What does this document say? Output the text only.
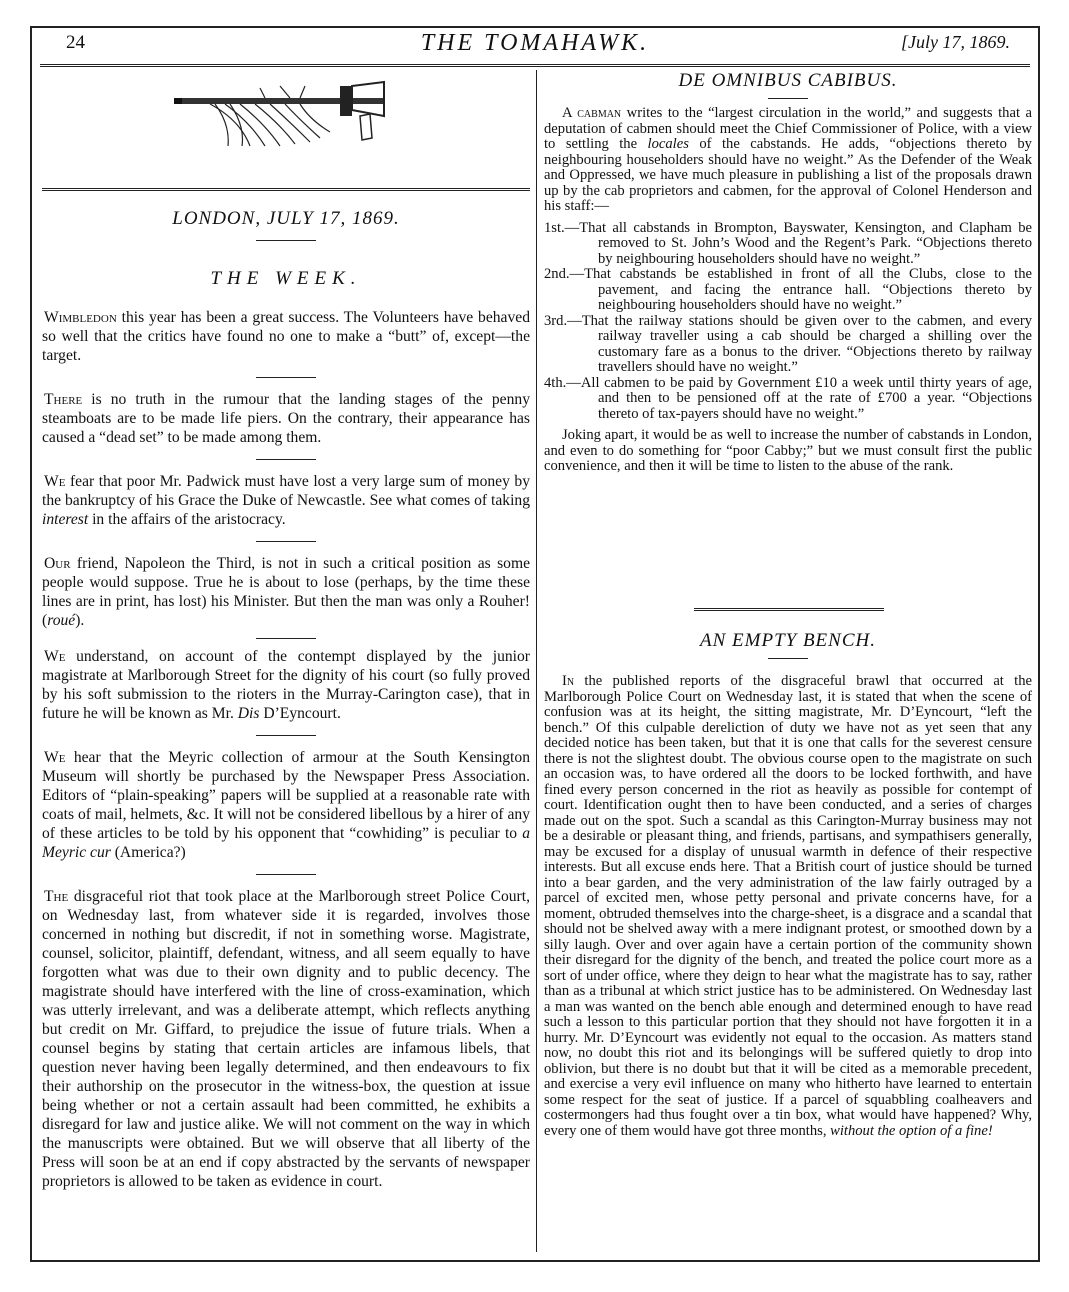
24	THE TOMAHAWK.	[July 17, 1869.
LONDON, JULY 17, 1869.
THE WEEK.

Wimbledon this year has been a great success. The Volunteers have behaved so well that the critics have found no one to make a “butt” of, except—the target.

There is no truth in the rumour that the landing stages of the penny steamboats are to be made life piers. On the contrary, their appearance has caused a “dead set” to be made among them.

We fear that poor Mr. Padwick must have lost a very large sum of money by the bankruptcy of his Grace the Duke of Newcastle. See what comes of taking interest in the affairs of the aristocracy.

Our friend, Napoleon the Third, is not in such a critical position as some people would suppose. True he is about to lose (perhaps, by the time these lines are in print, has lost) his Minister. But then the man was only a Rouher! (roué).

We understand, on account of the contempt displayed by the junior magistrate at Marlborough Street for the dignity of his court (so fully proved by his soft submission to the rioters in the Murray-Carington case), that in future he will be known as Mr. Dis D’Eyncourt.

We hear that the Meyric collection of armour at the South Kensington Museum will shortly be purchased by the Newspaper Press Association. Editors of “plain-speaking” papers will be supplied at a reasonable rate with coats of mail, helmets, &c. It will not be considered libellous by a hirer of any of these articles to be told by his opponent that “cowhiding” is peculiar to a Meyric cur (America?)

The disgraceful riot that took place at the Marlborough street Police Court, on Wednesday last, from whatever side it is regarded, involves those concerned in nothing but discredit, if not in something worse. Magistrate, counsel, solicitor, plaintiff, defendant, witness, and all seem equally to have forgotten what was due to their own dignity and to public decency. The magistrate should have interfered with the line of cross-examination, which was utterly irrelevant, and was a deliberate attempt, which reflects anything but credit on Mr. Giffard, to prejudice the issue of future trials. When a counsel begins by stating that certain articles are infamous libels, that question never having been legally determined, and then endeavours to fix their authorship on the prosecutor in the witness-box, the question at issue being whether or not a certain assault had been committed, he exhibits a disregard for law and justice alike. We will not comment on the way in which the manuscripts were obtained. But we will observe that all liberty of the Press will soon be at an end if copy abstracted by the servants of newspaper proprietors is allowed to be taken as evidence in court.

DE OMNIBUS CABIBUS.

A cabman writes to the “largest circulation in the world,” and suggests that a deputation of cabmen should meet the Chief Commissioner of Police, with a view to settling the locales of the cabstands. He adds, “objections thereto by neighbouring householders should have no weight.” As the Defender of the Weak and Oppressed, we have much pleasure in publishing a list of the proposals drawn up by the cab proprietors and cabmen, for the approval of Colonel Henderson and his staff:—

1st.—That all cabstands in Brompton, Bayswater, Kensington, and Clapham be removed to St. John’s Wood and the Regent’s Park. “Objections thereto by neighbouring householders should have no weight.”

2nd.—That cabstands be established in front of all the Clubs, close to the pavement, and facing the entrance hall. “Objections thereto by neighbouring householders should have no weight.”

3rd.—That the railway stations should be given over to the cabmen, and every railway traveller using a cab should be charged a shilling over the customary fare as a bonus to the driver. “Objections thereto by railway travellers should have no weight.”

4th.—All cabmen to be paid by Government £10 a week until thirty years of age, and then to be pensioned off at the rate of £700 a year. “Objections thereto of tax-payers should have no weight.”

Joking apart, it would be as well to increase the number of cabstands in London, and even to do something for “poor Cabby;” but we must consult first the public convenience, and then it will be time to listen to the abuse of the rank.

AN EMPTY BENCH.

In the published reports of the disgraceful brawl that occurred at the Marlborough Police Court on Wednesday last, it is stated that when the scene of confusion was at its height, the sitting magistrate, Mr. D’Eyncourt, “left the bench.” Of this culpable dereliction of duty we have not as yet seen that any decided notice has been taken, but that it is one that calls for the severest censure there is not the slightest doubt. The obvious course open to the magistrate on such an occasion was, to have ordered all the doors to be locked forthwith, and have fined every person concerned in the riot as heavily as possible for contempt of court. Identification ought then to have been conducted, and a series of charges made out on the spot. Such a scandal as this Carington-Murray business may not be a desirable or pleasant thing, and friends, partisans, and sympathisers generally, may be excused for a display of unusual warmth in defence of their respective interests. But all excuse ends here. That a British court of justice should be turned into a bear garden, and the very administration of the law fairly outraged by a parcel of excited men, whose petty personal and private concerns have, for a moment, obtruded themselves into the charge-sheet, is a disgrace and a scandal that should not be shelved away with a mere indignant protest, or smoothed down by a silly laugh. Over and over again have a certain portion of the community shown their disregard for the dignity of the bench, and treated the police court more as a sort of under office, where they deign to hear what the magistrate has to say, rather than as a tribunal at which strict justice has to be administered. On Wednesday last a man was wanted on the bench able enough and determined enough to have read such a lesson to this particular portion that they should not have forgotten it in a hurry. Mr. D’Eyncourt was evidently not equal to the occasion. As matters stand now, no doubt this riot and its belongings will be suffered quietly to drop into oblivion, but there is no doubt but that it will be cited as a memorable precedent, and exercise a very evil influence on many who hitherto have learned to entertain some respect for the seat of justice. If a parcel of squabbling coalheavers and costermongers had thus fought over a tin box, what would have happened? Why, every one of them would have got three months, without the option of a fine!
